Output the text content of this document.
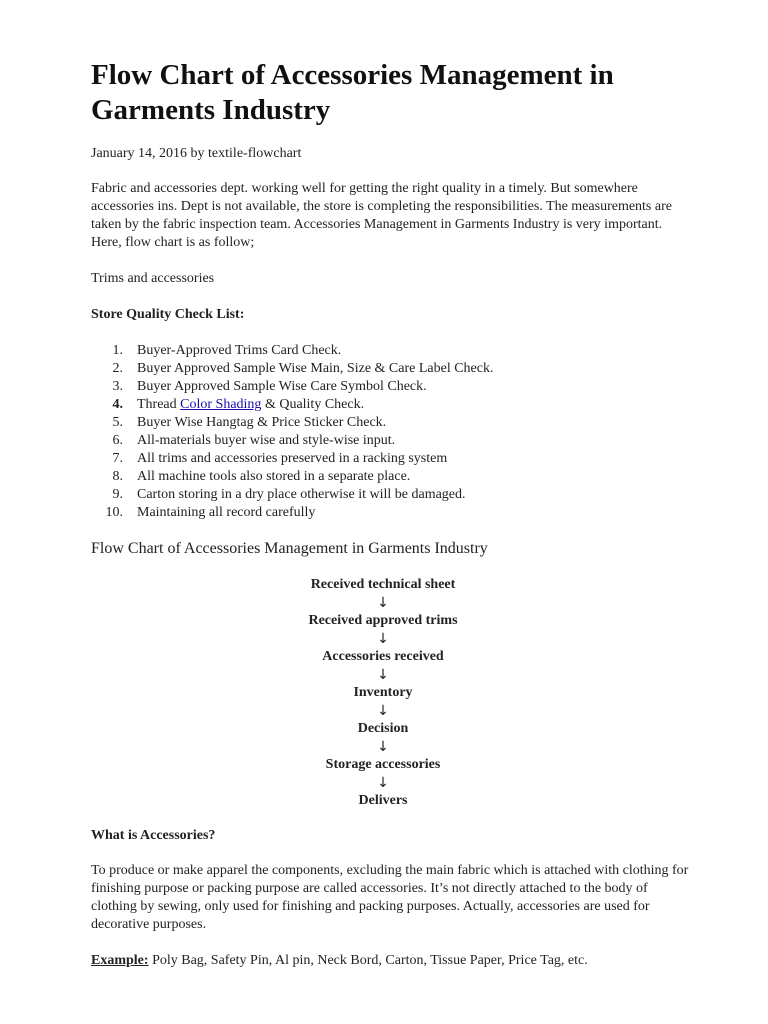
Flow Chart of Accessories Management in Garments Industry
January 14, 2016 by textile-flowchart

Fabric and accessories dept. working well for getting the right quality in a timely. But somewhere accessories ins. Dept is not available, the store is completing the responsibilities. The measurements are taken by the fabric inspection team. Accessories Management in Garments Industry is very important. Here, flow chart is as follow;

Trims and accessories
Store Quality Check List:
1. Buyer-Approved Trims Card Check.
2. Buyer Approved Sample Wise Main, Size & Care Label Check.
3. Buyer Approved Sample Wise Care Symbol Check.
4. Thread Color Shading & Quality Check.
5. Buyer Wise Hangtag & Price Sticker Check.
6. All-materials buyer wise and style-wise input.
7. All trims and accessories preserved in a racking system
8. All machine tools also stored in a separate place.
9. Carton storing in a dry place otherwise it will be damaged.
10. Maintaining all record carefully
Flow Chart of Accessories Management in Garments Industry
Received technical sheet
↓
Received approved trims
↓
Accessories received
↓
Inventory
↓
Decision
↓
Storage accessories
↓
Delivers
What is Accessories?

To produce or make apparel the components, excluding the main fabric which is attached with clothing for finishing purpose or packing purpose are called accessories. It’s not directly attached to the body of clothing by sewing, only used for finishing and packing purposes. Actually, accessories are used for decorative purposes.

Example: Poly Bag, Safety Pin, Al pin, Neck Bord, Carton, Tissue Paper, Price Tag, etc.
